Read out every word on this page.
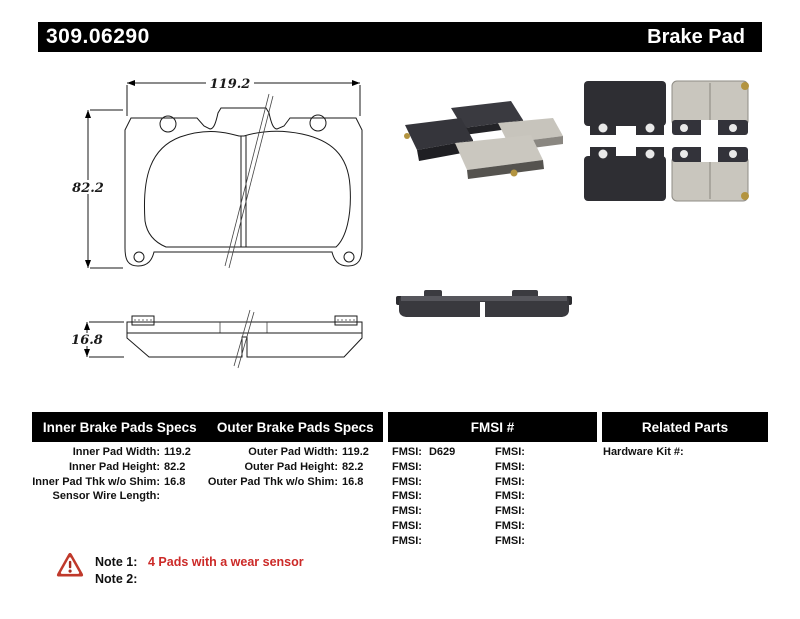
309.06290	Brake Pad
119.2
82.2
16.8
Inner Brake Pads Specs	Outer Brake Pads Specs	FMSI #	Related Parts
Inner Pad Width: 119.2
Inner Pad Height: 82.2
Inner Pad Thk w/o Shim: 16.8
Sensor Wire Length:
Outer Pad Width: 119.2
Outer Pad Height: 82.2
Outer Pad Thk w/o Shim: 16.8
FMSI: D629
FMSI:
FMSI:
FMSI:
FMSI:
FMSI:
FMSI:
FMSI:
FMSI:
FMSI:
FMSI:
FMSI:
FMSI:
FMSI:
Hardware Kit #:
Note 1: 4 Pads with a wear sensor
Note 2:
